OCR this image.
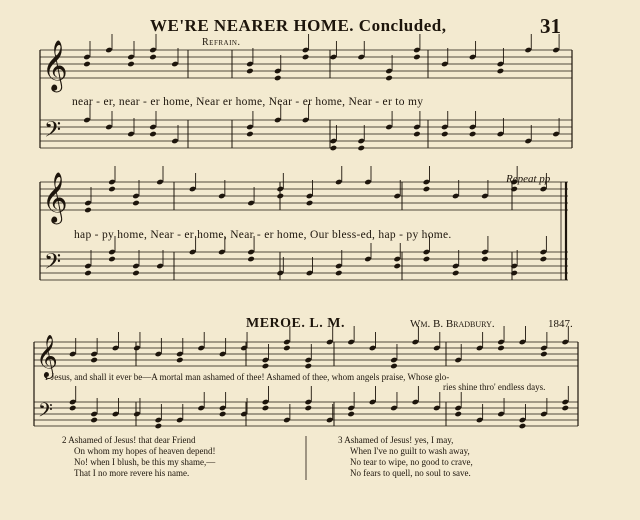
𝄞
𝄢
𝄞
𝄢
𝄞
𝄢
WE'RE NEARER HOME. Concluded,	31
Refrain.
near - er, near - er home, Near er home, Near - er home, Near - er to my
Repeat pp
hap - py home, Near - er home, Near - er home, Our bless-ed, hap - py home.
MEROE. L. M.	Wm. B. Bradbury.	1847.
1 Jesus, and shall it ever be—A mortal man ashamed of thee! Ashamed of thee, whom angels praise, Whose glo-
ries shine thro' endless days.
2 Ashamed of Jesus! that dear Friend
On whom my hopes of heaven depend!
No! when I blush, be this my shame,—
That I no more revere his name.
3 Ashamed of Jesus! yes, I may,
When I've no guilt to wash away,
No tear to wipe, no good to crave,
No fears to quell, no soul to save.
